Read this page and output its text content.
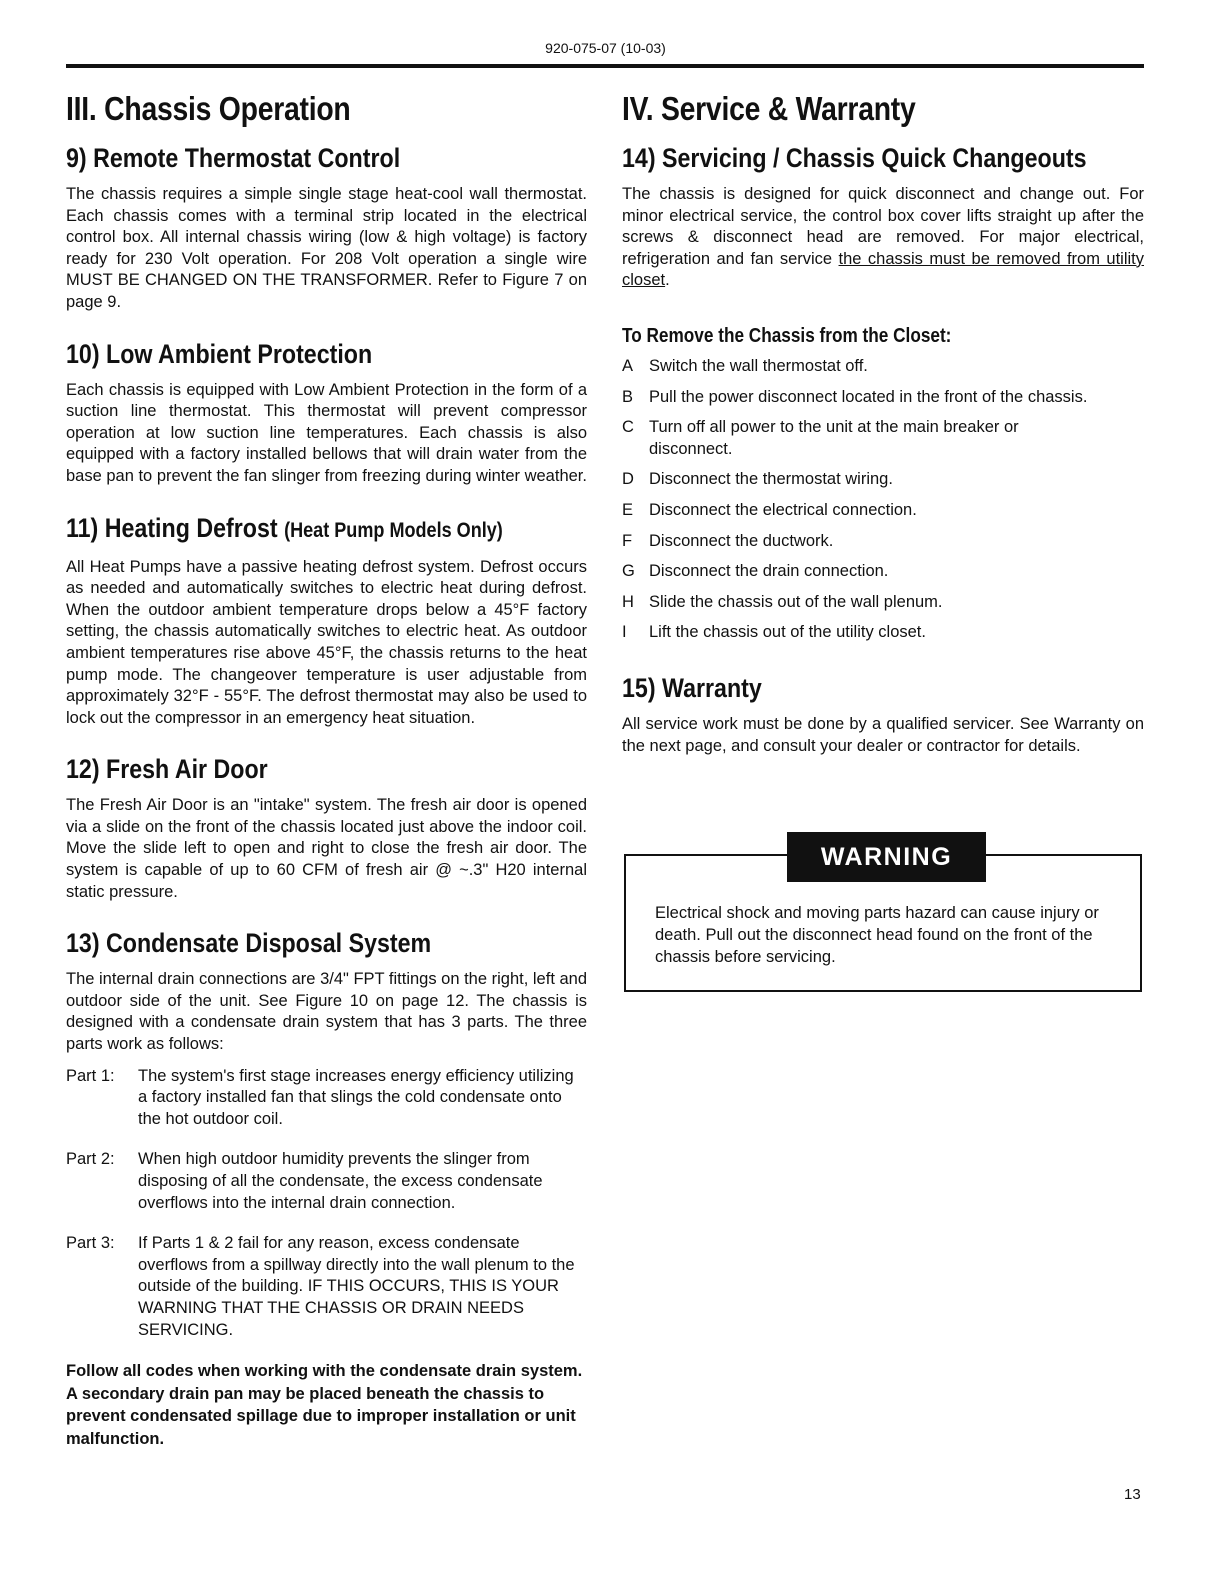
920-075-07 (10-03)
III. Chassis Operation
9) Remote Thermostat Control

The chassis requires a simple single stage heat-cool wall thermostat. Each chassis comes with a terminal strip located in the electrical control box. All internal chassis wiring (low & high voltage) is factory ready for 230 Volt operation. For 208 Volt operation a single wire MUST BE CHANGED ON THE TRANSFORMER. Refer to Figure 7 on page 9.

10) Low Ambient Protection

Each chassis is equipped with Low Ambient Protection in the form of a suction line thermostat. This thermostat will prevent compressor operation at low suction line temperatures. Each chassis is also equipped with a factory installed bellows that will drain water from the base pan to prevent the fan slinger from freezing during winter weather.

11) Heating Defrost (Heat Pump Models Only)

All Heat Pumps have a passive heating defrost system. Defrost occurs as needed and automatically switches to electric heat during defrost. When the outdoor ambient temperature drops below a 45°F factory setting, the chassis automatically switches to electric heat. As outdoor ambient temperatures rise above 45°F, the chassis returns to the heat pump mode. The changeover temperature is user adjustable from approximately 32°F - 55°F. The defrost thermostat may also be used to lock out the compressor in an emergency heat situation.

12) Fresh Air Door

The Fresh Air Door is an "intake" system. The fresh air door is opened via a slide on the front of the chassis located just above the indoor coil. Move the slide left to open and right to close the fresh air door. The system is capable of up to 60 CFM of fresh air @ ~.3" H20 internal static pressure.

13) Condensate Disposal System

The internal drain connections are 3/4" FPT fittings on the right, left and outdoor side of the unit. See Figure 10 on page 12. The chassis is designed with a condensate drain system that has 3 parts. The three parts work as follows:

Part 1:	The system's first stage increases energy efficiency utilizing a factory installed fan that slings the cold condensate onto the hot outdoor coil.
Part 2:	When high outdoor humidity prevents the slinger from disposing of all the condensate, the excess condensate overflows into the internal drain connection.
Part 3:	If Parts 1 & 2 fail for any reason, excess condensate overflows from a spillway directly into the wall plenum to the outside of the building. IF THIS OCCURS, THIS IS YOUR WARNING THAT THE CHASSIS OR DRAIN NEEDS SERVICING.

Follow all codes when working with the condensate drain system. A secondary drain pan may be placed beneath the chassis to prevent condensated spillage due to improper installation or unit malfunction.

IV. Service & Warranty
14) Servicing / Chassis Quick Changeouts

The chassis is designed for quick disconnect and change out. For minor electrical service, the control box cover lifts straight up after the screws & disconnect head are removed. For major electrical, refrigeration and fan service the chassis must be removed from utility closet.

To Remove the Chassis from the Closet:
A Switch the wall thermostat off.
B Pull the power disconnect located in the front of the chassis.
C Turn off all power to the unit at the main breaker or disconnect.
D Disconnect the thermostat wiring.
E Disconnect the electrical connection.
F	Disconnect the ductwork.
G Disconnect the drain connection.
H Slide the chassis out of the wall plenum.
I	Lift the chassis out of the utility closet.
15) Warranty

All service work must be done by a qualified servicer. See Warranty on the next page, and consult your dealer or contractor for details.

WARNING
Electrical shock and moving parts hazard can cause injury or death. Pull out the disconnect head found on the front of the chassis before servicing.
13
